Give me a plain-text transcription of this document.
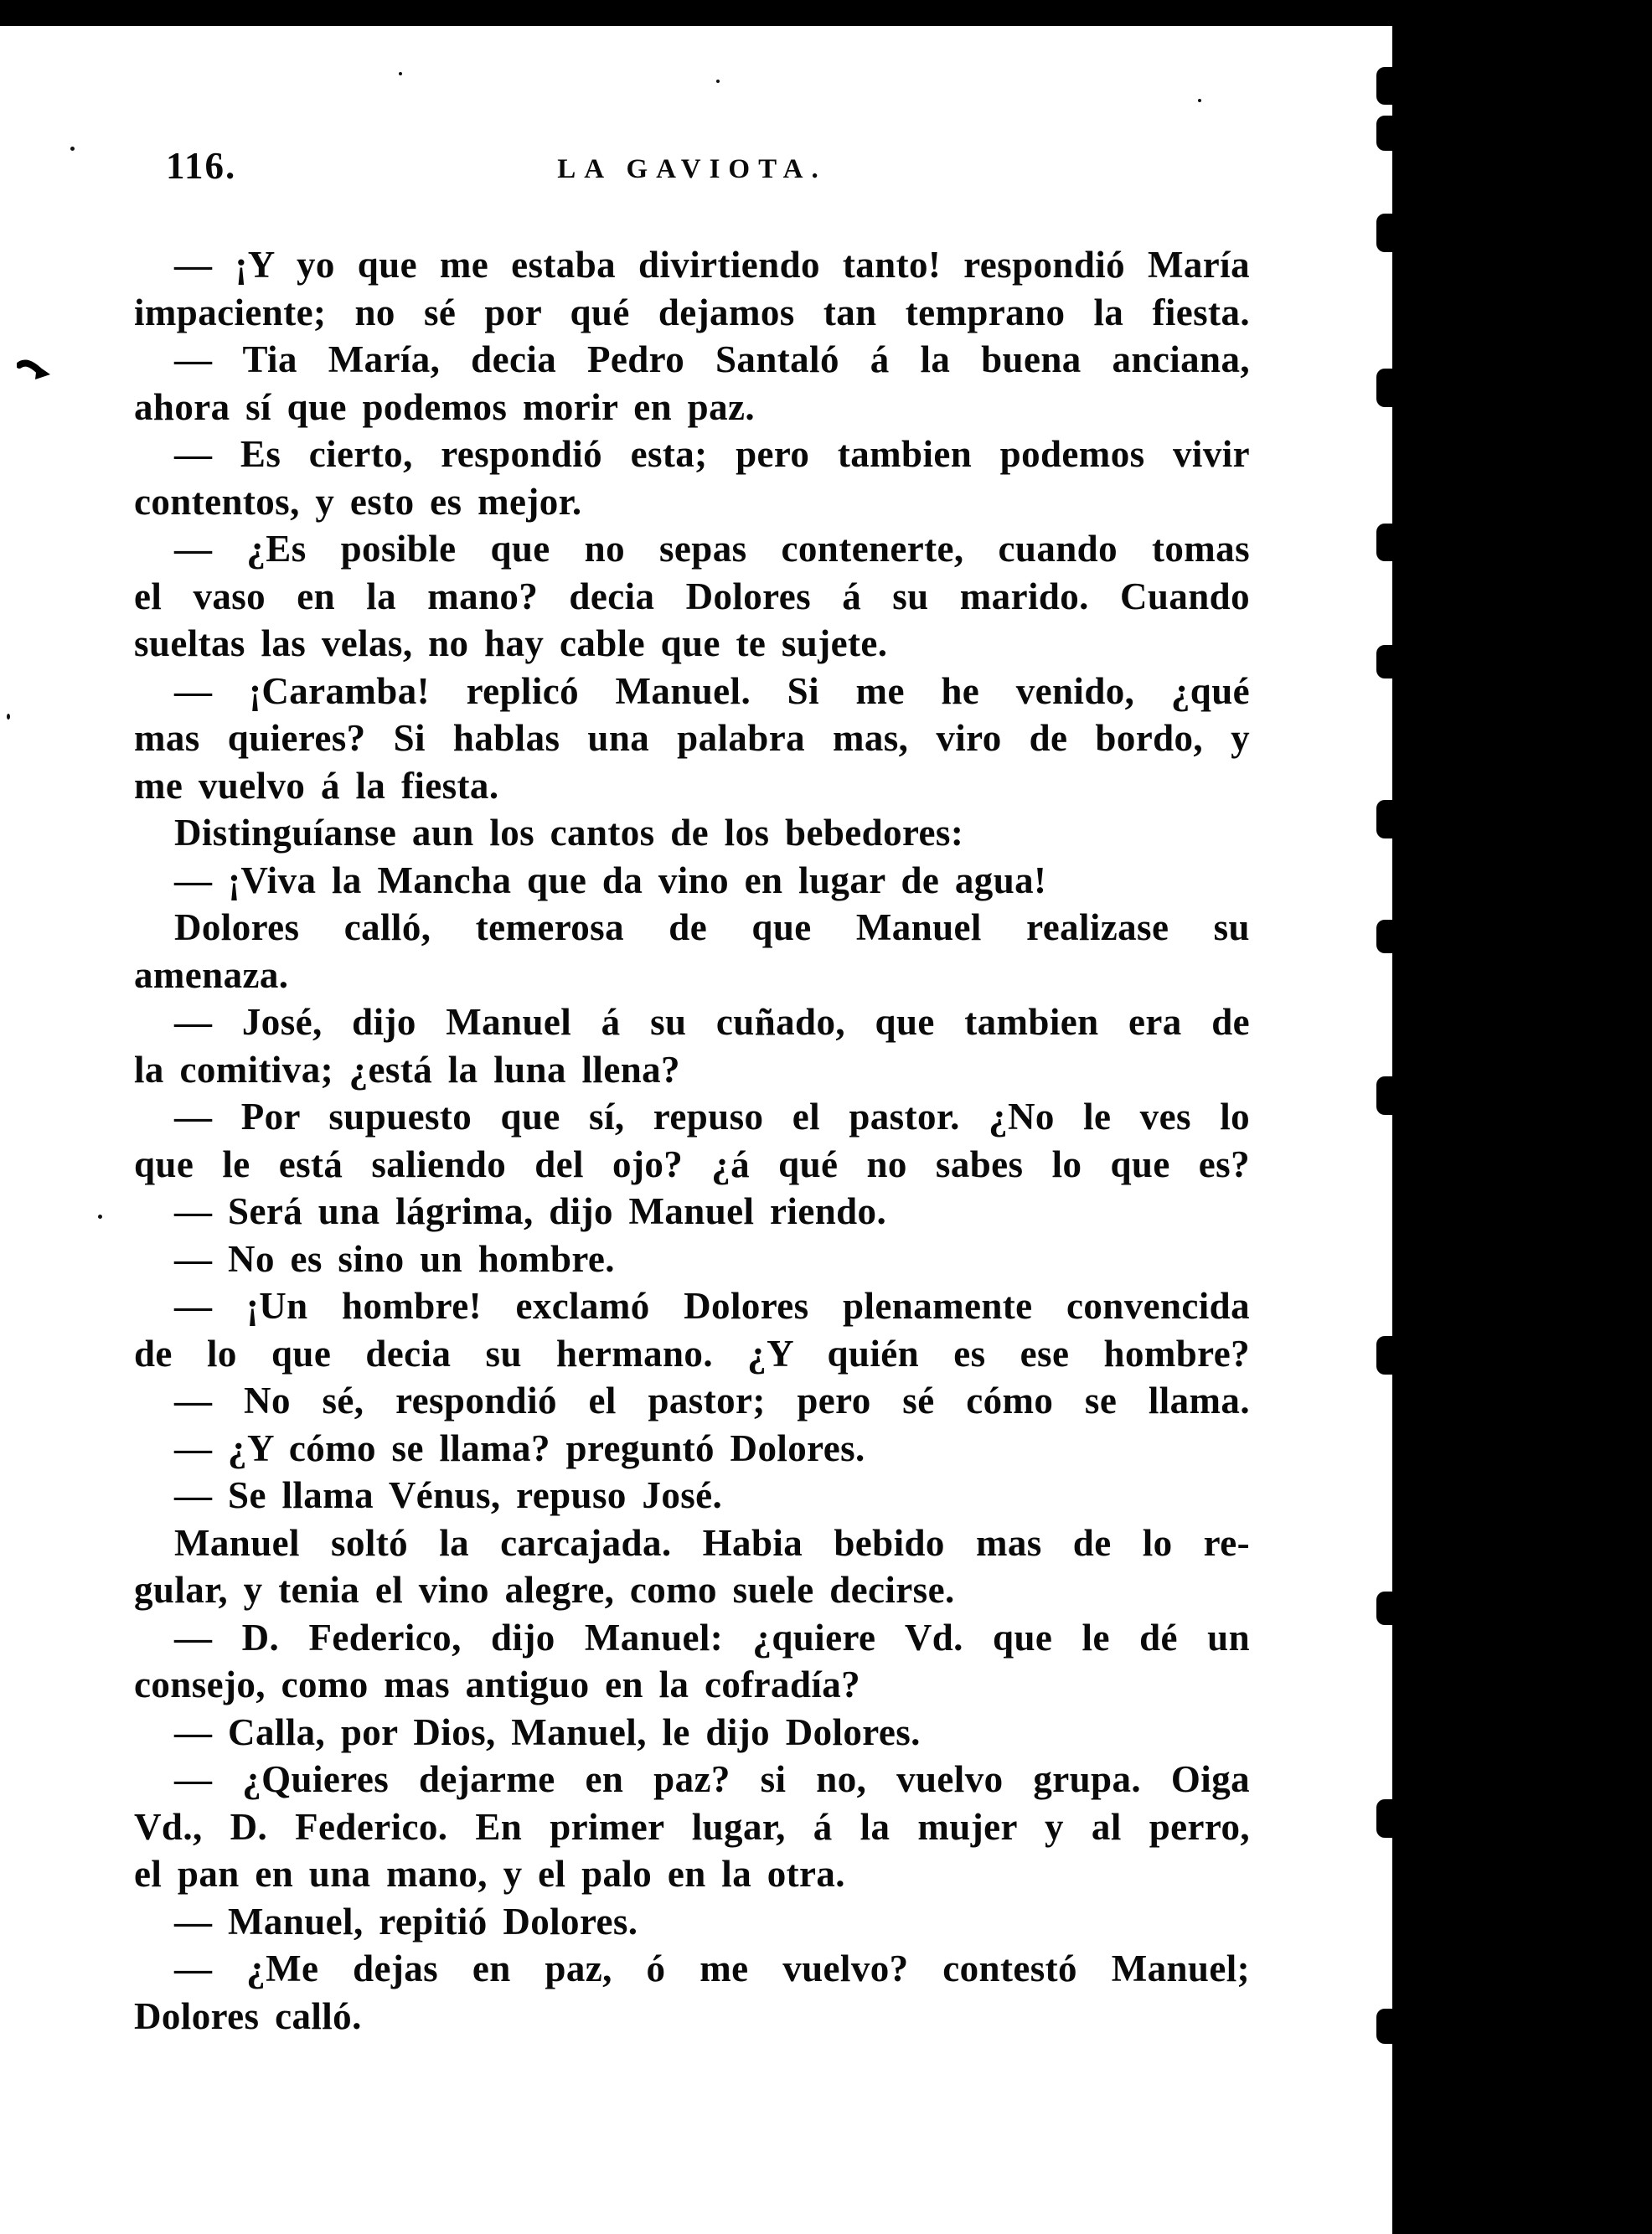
116.	LA GAVIOTA.
— ¡Y yo que me estaba divirtiendo tanto! respondió María
impaciente; no sé por qué dejamos tan temprano la fiesta.
— Tia María, decia Pedro Santaló á la buena anciana,
ahora sí que podemos morir en paz.
— Es cierto, respondió esta; pero tambien podemos vivir
contentos, y esto es mejor.
— ¿Es posible que no sepas contenerte, cuando tomas
el vaso en la mano? decia Dolores á su marido. Cuando
sueltas las velas, no hay cable que te sujete.
— ¡Caramba! replicó Manuel. Si me he venido, ¿qué
mas quieres? Si hablas una palabra mas, viro de bordo, y
me vuelvo á la fiesta.
Distinguíanse aun los cantos de los bebedores:
— ¡Viva la Mancha que da vino en lugar de agua!
Dolores calló, temerosa de que Manuel realizase su
amenaza.
— José, dijo Manuel á su cuñado, que tambien era de
la comitiva; ¿está la luna llena?
— Por supuesto que sí, repuso el pastor. ¿No le ves lo
que le está saliendo del ojo? ¿á qué no sabes lo que es?
— Será una lágrima, dijo Manuel riendo.
— No es sino un hombre.
— ¡Un hombre! exclamó Dolores plenamente convencida
de lo que decia su hermano. ¿Y quién es ese hombre?
— No sé, respondió el pastor; pero sé cómo se llama.
— ¿Y cómo se llama? preguntó Dolores.
— Se llama Vénus, repuso José.
Manuel soltó la carcajada. Habia bebido mas de lo re-
gular, y tenia el vino alegre, como suele decirse.
— D. Federico, dijo Manuel: ¿quiere Vd. que le dé un
consejo, como mas antiguo en la cofradía?
— Calla, por Dios, Manuel, le dijo Dolores.
— ¿Quieres dejarme en paz? si no, vuelvo grupa. Oiga
Vd., D. Federico. En primer lugar, á la mujer y al perro,
el pan en una mano, y el palo en la otra.
— Manuel, repitió Dolores.
— ¿Me dejas en paz, ó me vuelvo? contestó Manuel;
Dolores calló.
